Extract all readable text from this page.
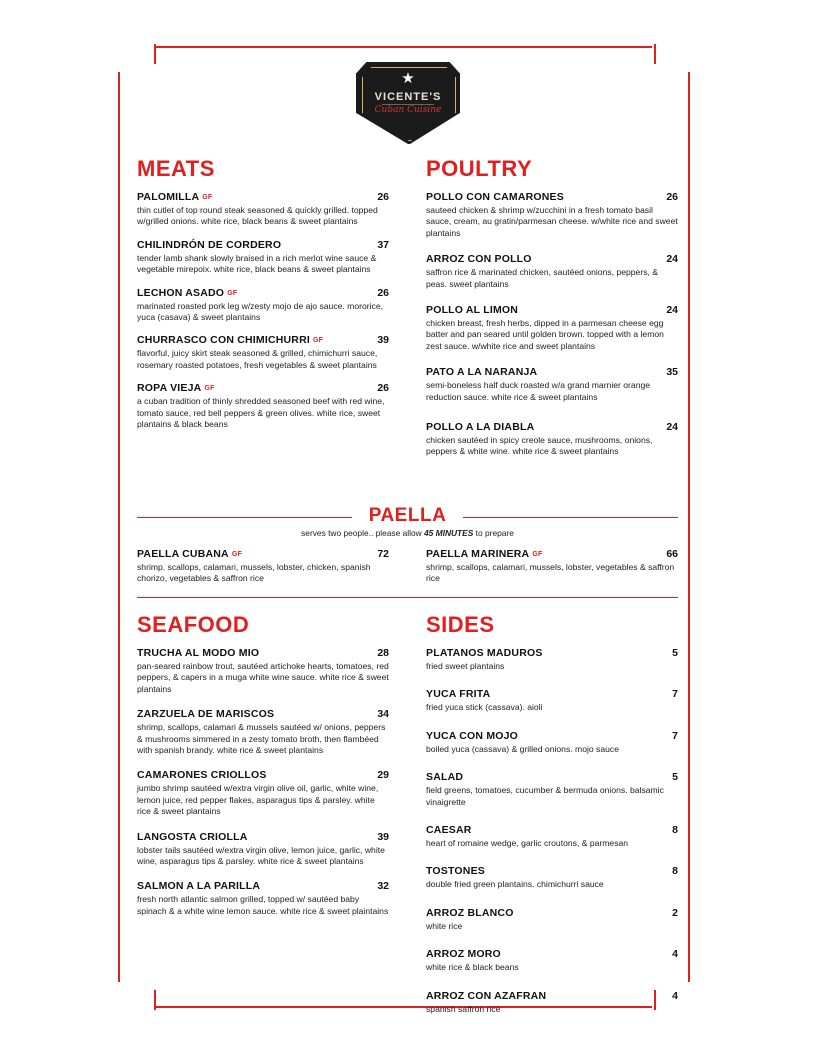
★
VICENTE'S
Cuban Cuisine
MEATS
PALOMILLA GF	26
thin cutlet of top round steak seasoned & quickly grilled. topped w/grilled onions. white rice, black beans & sweet plantains
CHILINDRÓN DE CORDERO	37
tender lamb shank slowly braised in a rich merlot wine sauce & vegetable mirepoix. white rice, black beans & sweet plantains
LECHON ASADO GF	26
marinated roasted pork leg w/zesty mojo de ajo sauce. mororice, yuca (casava) & sweet plantains
CHURRASCO CON CHIMICHURRI GF	39
flavorful, juicy skirt steak seasoned & grilled, chimichurri sauce, rosemary roasted potatoes, fresh vegetables & sweet plantains
ROPA VIEJA GF	26
a cuban tradition of thinly shredded seasoned beef with red wine, tomato sauce, red bell peppers & green olives. white rice, sweet plantains & black beans
POULTRY
POLLO CON CAMARONES	26
sauteed chicken & shrimp w/zucchini in a fresh tomato basil sauce, cream, au gratin/parmesan cheese. w/white rice and sweet plantains
ARROZ CON POLLO	24
saffron rice & marinated chicken, sautéed onions, peppers, & peas. sweet plantains
POLLO AL LIMON	24
chicken breast, fresh herbs, dipped in a parmesan cheese egg batter and pan seared until golden brown. topped with a lemon zest sauce. w/white rice and sweet plantains
PATO A LA NARANJA	35
semi-boneless half duck roasted w/a grand marnier orange reduction sauce. white rice & sweet plantains
POLLO A LA DIABLA	24
chicken sautéed in spicy creole sauce, mushrooms, onions, peppers & white wine. white rice & sweet plantains
PAELLA
serves two people.. please allow 45 MINUTES to prepare
PAELLA CUBANA GF	72
shrimp. scallops, calamari, mussels, lobster, chicken, spanish chorizo, vegetables & saffron rice
PAELLA MARINERA GF	66
shrimp, scallops, calamari, mussels, lobster, vegetables & saffron rice
SEAFOOD
TRUCHA AL MODO MIO	28
pan-seared rainbow trout, sautéed artichoke hearts, tomatoes, red peppers, & capers in a muga white wine sauce. white rice & sweet plantains
ZARZUELA DE MARISCOS	34
shrimp, scallops, calamari & mussels sautéed w/ onions, peppers & mushrooms simmered in a zesty tomato broth, then flambéed with spanish brandy. white rice & sweet plantains
CAMARONES CRIOLLOS	29
jumbo shrimp sautéed w/extra virgin olive oil, garlic, white wine, lemon juice, red pepper flakes, asparagus tips & parsley. white rice & sweet plantains
LANGOSTA CRIOLLA	39
lobster tails sautéed w/extra virgin olive, lemon juice, garlic, white wine, asparagus tips & parsley. white rice & sweet plantains
SALMON A LA PARILLA	32
fresh north atlantic salmon grilled, topped w/ sautéed baby spinach & a white wine lemon sauce. white rice & sweet plaintains
SIDES
PLATANOS MADUROS	5
fried sweet plantains
YUCA FRITA	7
fried yuca stick (cassava). aioli
YUCA CON MOJO	7
boiled yuca (cassava) & grilled onions. mojo sauce
SALAD	5
field greens, tomatoes, cucumber & bermuda onions. balsamic vinaigrette
CAESAR	8
heart of romaine wedge, garlic croutons, & parmesan
TOSTONES	8
double fried green plantains. chimichurri sauce
ARROZ BLANCO	2
white rice
ARROZ MORO	4
white rice & black beans
ARROZ CON AZAFRAN	4
spanish saffron rice
